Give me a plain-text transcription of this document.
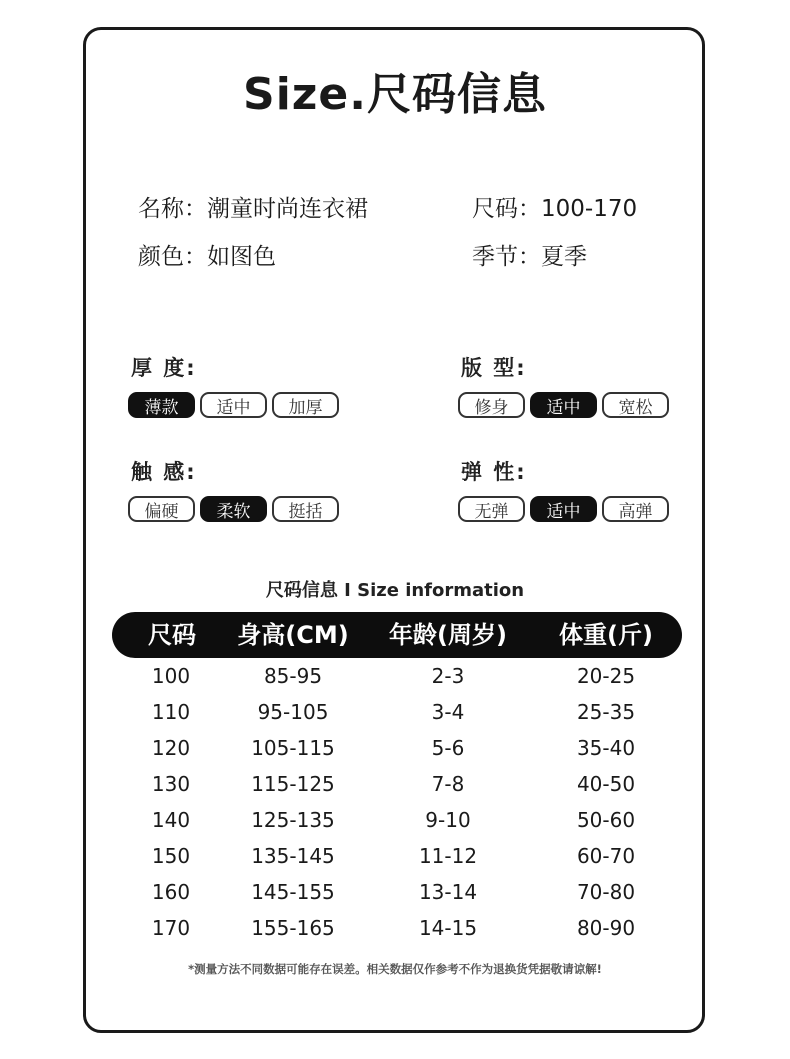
Size.尺码信息
名称：潮童时尚连衣裙	尺码：100-170
颜色：如图色	季节：夏季
厚 度:
薄款	适中	加厚
版 型:
修身	适中	宽松
触 感:
偏硬	柔软	挺括
弹 性:
无弹	适中	高弹
尺码信息 I Size information
尺码 身高(CM) 年龄(周岁) 体重(斤)
100	85-95	2-3	20-25
110	95-105	3-4	25-35
120	105-115	5-6	35-40
130	115-125	7-8	40-50
140	125-135	9-10	50-60
150	135-145	11-12	60-70
160	145-155	13-14	70-80
170	155-165	14-15	80-90
*测量方法不同数据可能存在误差。相关数据仅作参考不作为退换货凭据敬请谅解!
